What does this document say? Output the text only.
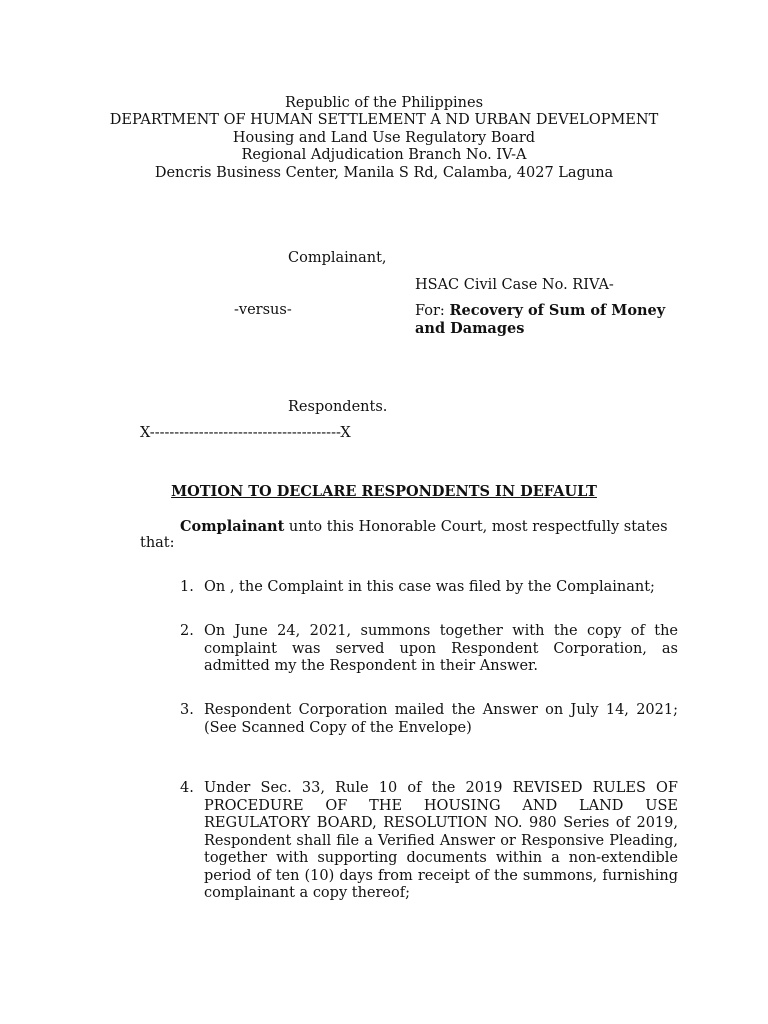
Republic of the Philippines
DEPARTMENT OF HUMAN SETTLEMENT A ND URBAN DEVELOPMENT
Housing and Land Use Regulatory Board
Regional Adjudication Branch No. IV-A
Dencris Business Center, Manila S Rd, Calamba, 4027 Laguna
Complainant,
HSAC Civil Case No. RIVA-
-versus-	For: Recovery of Sum of Money
and Damages
Respondents.
X---------------------------------------X
MOTION TO DECLARE RESPONDENTS IN DEFAULT
Complainant unto this Honorable Court, most respectfully states
that:
1. On , the Complaint in this case was filed by the Complainant;
2. On June 24, 2021, summons together with the copy of the complaint was served upon Respondent Corporation, as admitted my the Respondent in their Answer.
3. Respondent Corporation mailed the Answer on July 14, 2021; (See Scanned Copy of the Envelope)
4. Under Sec. 33, Rule 10 of the 2019 REVISED RULES OF PROCEDURE OF THE HOUSING AND LAND USE REGULATORY BOARD, RESOLUTION NO. 980 Series of 2019, Respondent shall file a Verified Answer or Responsive Pleading, together with supporting documents within a non-extendible period of ten (10) days from receipt of the summons, furnishing complainant a copy thereof;
